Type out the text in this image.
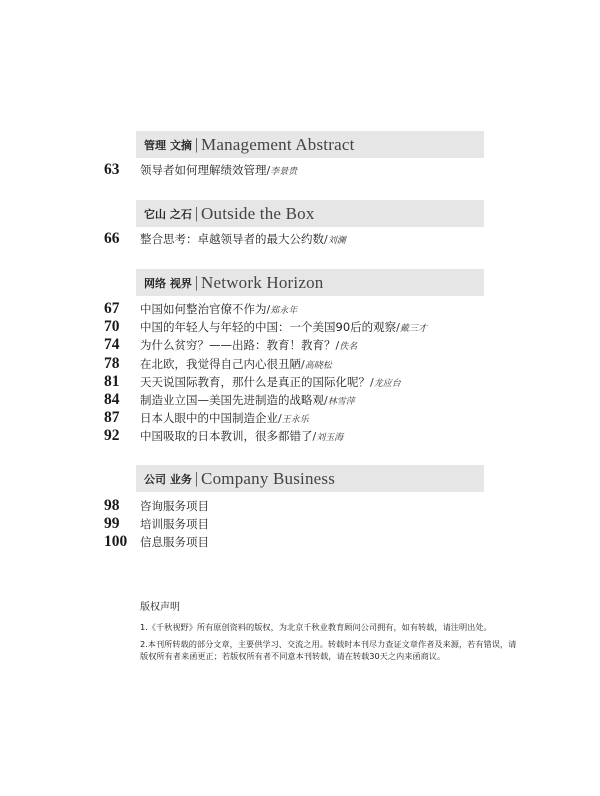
管理 文摘 | Management Abstract
63	领导者如何理解绩效管理 / 李景贵
它山 之石 | Outside the Box
66	整合思考：卓越领导者的最大公约数 / 刘澜
网络 视界 | Network Horizon
67	中国如何整治官僚不作为 / 郑永年
70	中国的年轻人与年轻的中国：一个美国90后的观察 / 戴三才
74	为什么贫穷？——出路：教育！教育？ / 佚名
78	在北欧，我觉得自己内心很丑陋 / 高晓松
81	天天说国际教育，那什么是真正的国际化呢？ / 龙应台
84	制造业立国—美国先进制造的战略观 / 林雪萍
87	日本人眼中的中国制造企业 / 王永乐
92	中国吸取的日本教训，很多都错了 / 刘玉海
公司 业务 | Company Business
98	咨询服务项目
99	培训服务项目
100	信息服务项目
版权声明

1.《千秋视野》所有原创资料的版权，为北京千秋业教育顾问公司拥有，如有转载，请注明出处。

2.本刊所转载的部分文章，主要供学习、交流之用。转载时本刊尽力查证文章作者及来源，若有错误，请版权所有者来函更正；若版权所有者不同意本刊转载，请在转载30天之内来函商议。
